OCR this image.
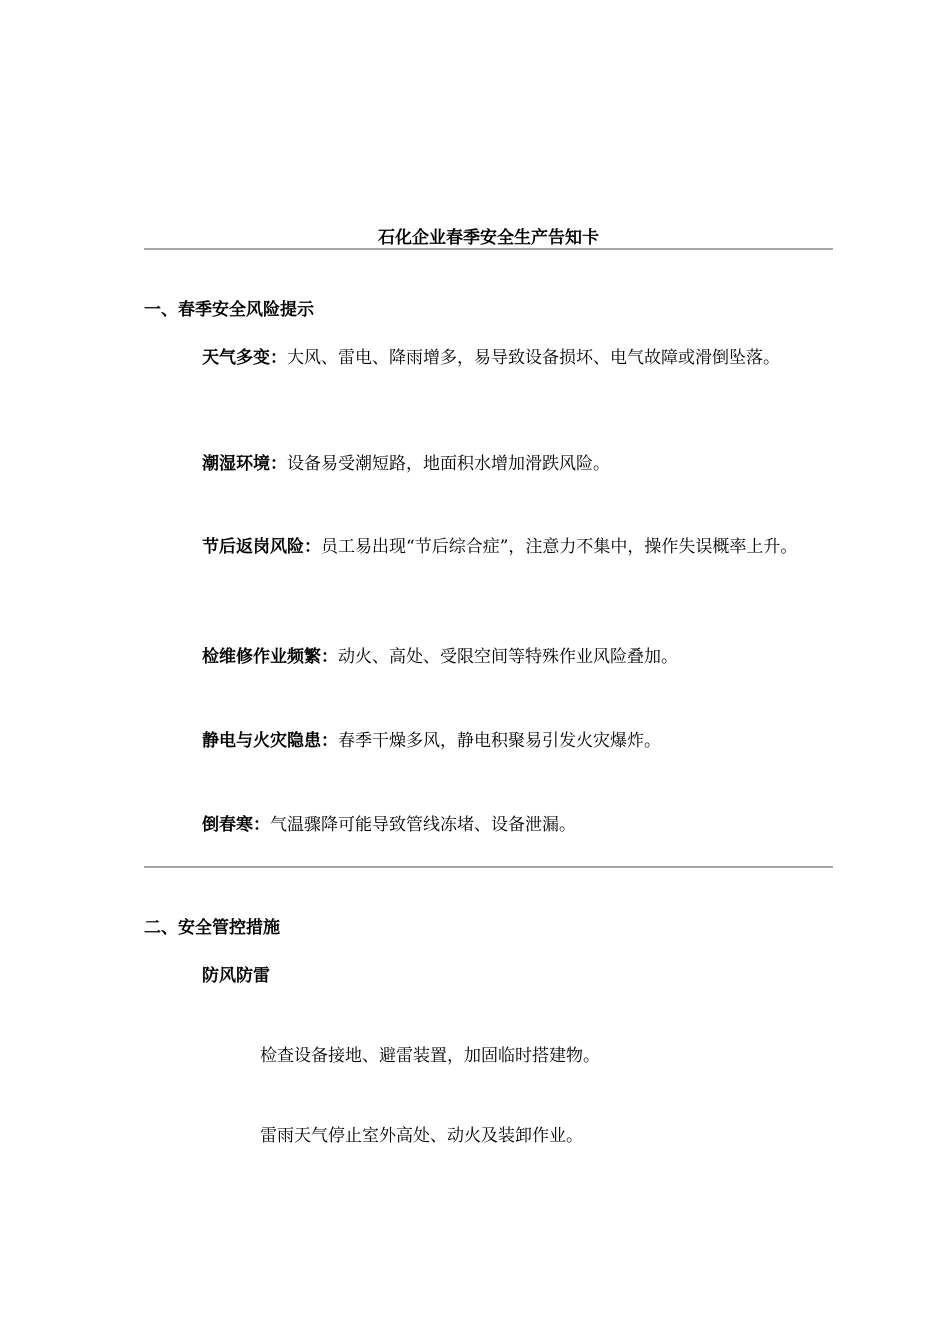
石化企业春季安全生产告知卡
一、春季安全风险提示
天气多变：大风、雷电、降雨增多，易导致设备损坏、电气故障或滑倒坠落。
潮湿环境：设备易受潮短路，地面积水增加滑跌风险。
节后返岗风险：员工易出现“节后综合症”，注意力不集中，操作失误概率上升。
检维修作业频繁：动火、高处、受限空间等特殊作业风险叠加。
静电与火灾隐患：春季干燥多风，静电积聚易引发火灾爆炸。
倒春寒：气温骤降可能导致管线冻堵、设备泄漏。
二、安全管控措施
防风防雷
检查设备接地、避雷装置，加固临时搭建物。
雷雨天气停止室外高处、动火及装卸作业。
